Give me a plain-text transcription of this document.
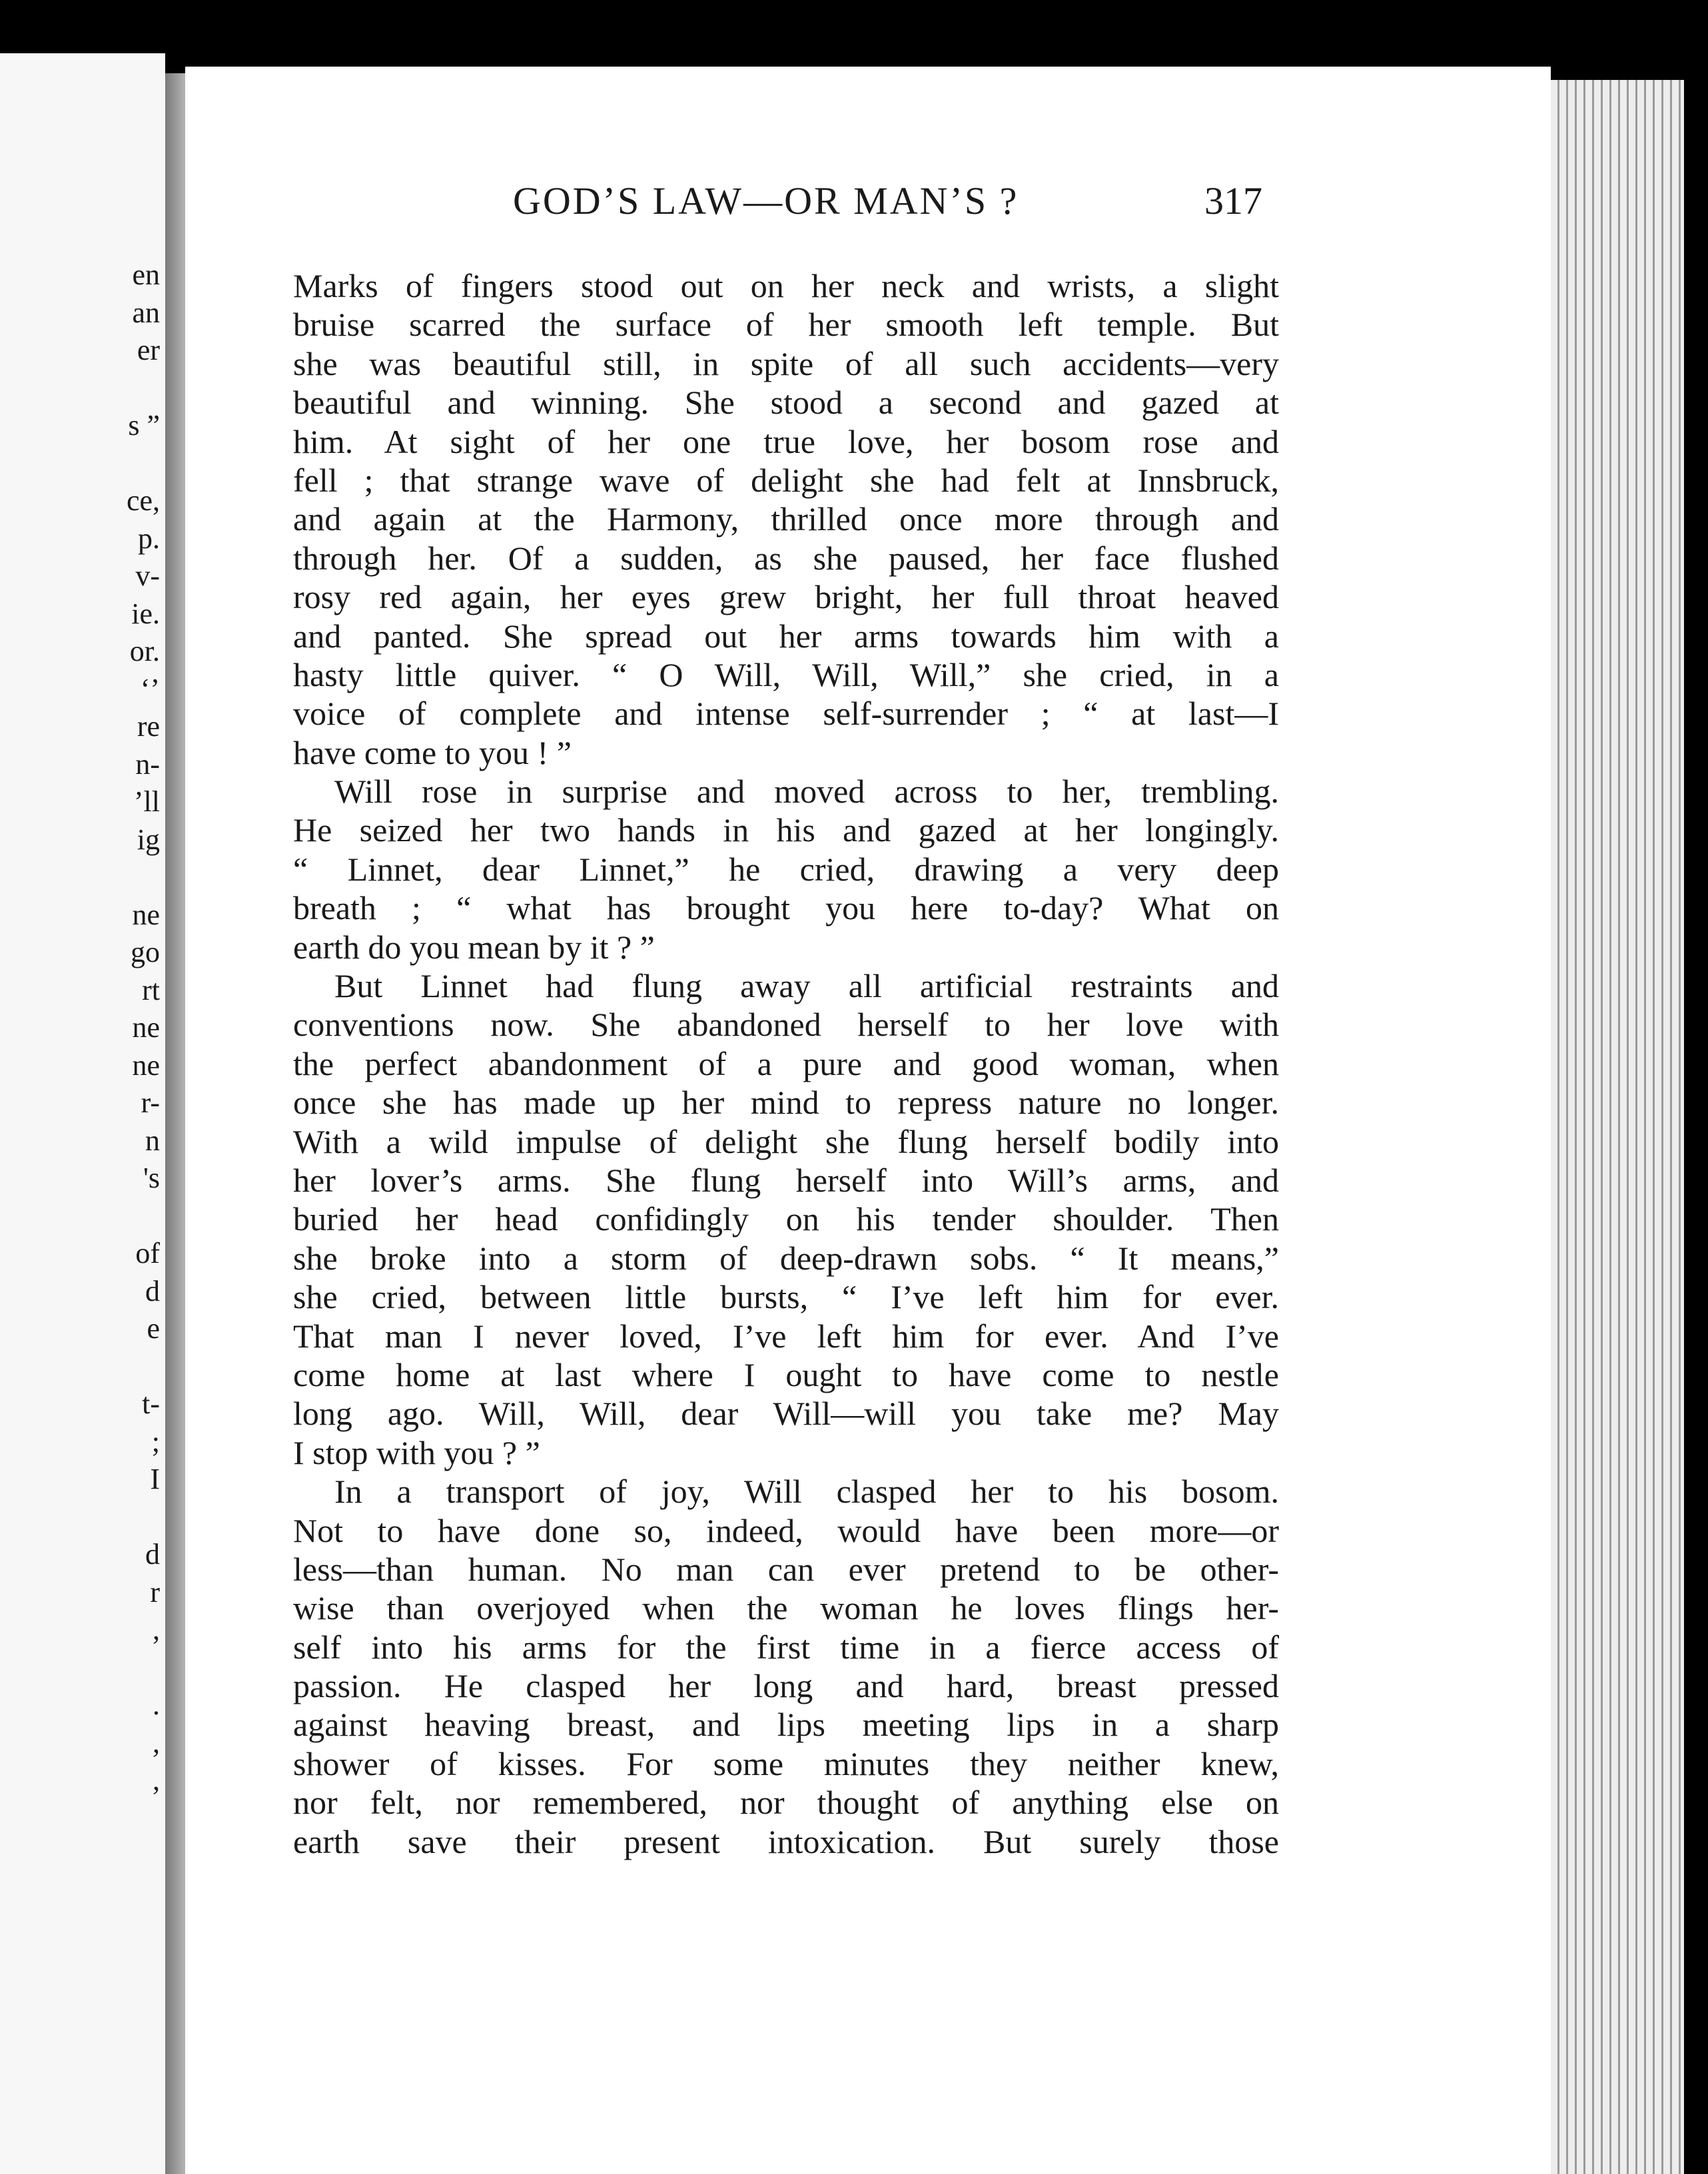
en
an
er
s ”
ce,
p.
v-
ie.
or.
‘’
re
n-
’ll
ig
ne
go
rt
ne
ne
r-
n
's
of
d
e
t-
;
I
d
r
,
.
,
,
GOD’S LAW—OR MAN’S ?	317
Marks of fingers stood out on her neck and wrists, a slight
bruise scarred the surface of her smooth left temple. But
she was beautiful still, in spite of all such accidents—very
beautiful and winning. She stood a second and gazed at
him. At sight of her one true love, her bosom rose and
fell ; that strange wave of delight she had felt at Innsbruck,
and again at the Harmony, thrilled once more through and
through her. Of a sudden, as she paused, her face flushed
rosy red again, her eyes grew bright, her full throat heaved
and panted. She spread out her arms towards him with a
hasty little quiver. “ O Will, Will, Will,” she cried, in a
voice of complete and intense self-surrender ; “ at last—I
have come to you ! ”
Will rose in surprise and moved across to her, trembling.
He seized her two hands in his and gazed at her longingly.
“ Linnet, dear Linnet,” he cried, drawing a very deep
breath ; “ what has brought you here to-day? What on
earth do you mean by it ? ”
But Linnet had flung away all artificial restraints and
conventions now. She abandoned herself to her love with
the perfect abandonment of a pure and good woman, when
once she has made up her mind to repress nature no longer.
With a wild impulse of delight she flung herself bodily into
her lover’s arms. She flung herself into Will’s arms, and
buried her head confidingly on his tender shoulder. Then
she broke into a storm of deep-drawn sobs. “ It means,”
she cried, between little bursts, “ I’ve left him for ever.
That man I never loved, I’ve left him for ever. And I’ve
come home at last where I ought to have come to nestle
long ago. Will, Will, dear Will—will you take me? May
I stop with you ? ”
In a transport of joy, Will clasped her to his bosom.
Not to have done so, indeed, would have been more—or
less—than human. No man can ever pretend to be other-
wise than overjoyed when the woman he loves flings her-
self into his arms for the first time in a fierce access of
passion. He clasped her long and hard, breast pressed
against heaving breast, and lips meeting lips in a sharp
shower of kisses. For some minutes they neither knew,
nor felt, nor remembered, nor thought of anything else on
earth save their present intoxication. But surely those
